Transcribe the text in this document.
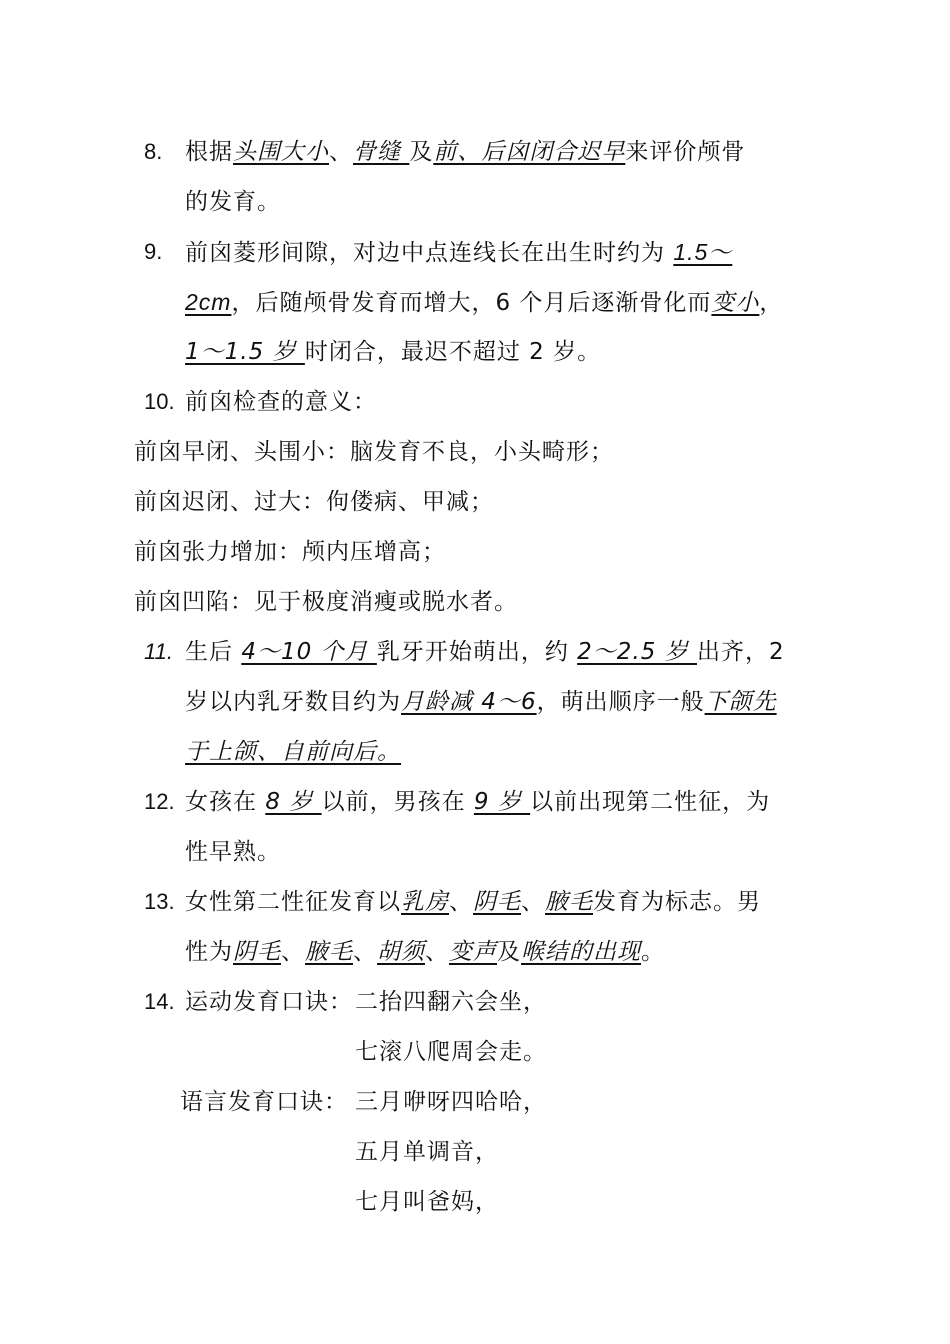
8. 根据头围大小、骨缝 及前、后囟闭合迟早来评价颅骨
的发育。
9. 前囟菱形间隙，对边中点连线长在出生时约为 1.5～
2cm，后随颅骨发育而增大，6 个月后逐渐骨化而变小，
1～1.5 岁 时闭合，最迟不超过 2 岁。
10. 前囟检查的意义：
前囟早闭、头围小：脑发育不良，小头畸形；
前囟迟闭、过大：佝偻病、甲减；
前囟张力增加：颅内压增高；
前囟凹陷：见于极度消瘦或脱水者。
11. 生后 4～10 个月 乳牙开始萌出，约 2～2.5 岁 出齐，2
岁以内乳牙数目约为月龄减 4～6，萌出顺序一般下颌先
于上颌、自前向后。
12. 女孩在 8 岁 以前，男孩在 9 岁 以前出现第二性征，为
性早熟。
13. 女性第二性征发育以乳房、阴毛、腋毛发育为标志。男
性为阴毛、腋毛、胡须、变声及喉结的出现。
14. 运动发育口诀： 二抬四翻六会坐，
七滚八爬周会走。
语言发育口诀： 三月咿呀四哈哈，
五月单调音，
七月叫爸妈，
